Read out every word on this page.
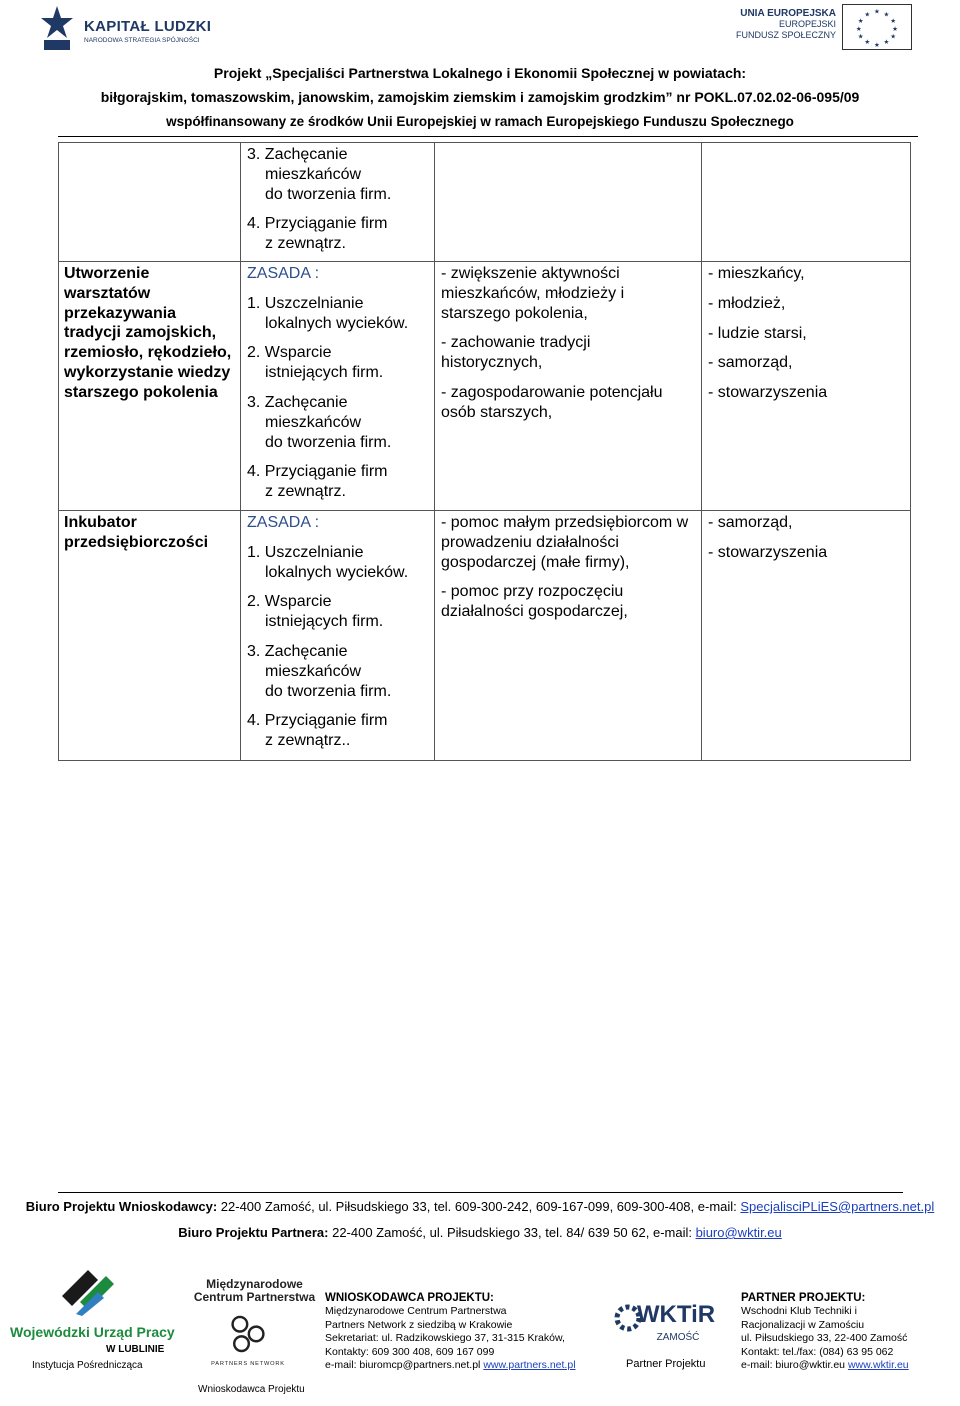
KAPITAŁ LUDZKI
NARODOWA STRATEGIA SPÓJNOŚCI
UNIA EUROPEJSKA
EUROPEJSKI
FUNDUSZ SPOŁECZNY
★ ★
★
★
★
★
★
★
★
★
★
★
Projekt „Specjaliści Partnerstwa Lokalnego i Ekonomii Społecznej w powiatach:
biłgorajskim, tomaszowskim, janowskim, zamojskim ziemskim i zamojskim grodzkim” nr POKL.07.02.02-06-095/09
współfinansowany ze środków Unii Europejskiej w ramach Europejskiego Funduszu Społecznego
3. Zachęcanie
mieszkańców
do tworzenia firm.
4. Przyciąganie firm
z zewnątrz.
Utworzenie warsztatów przekazywania tradycji zamojskich, rzemiosło, rękodzieło, wykorzystanie wiedzy starszego pokolenia
ZASADA :
1. Uszczelnianie
lokalnych wycieków.
2. Wsparcie
istniejących firm.
3. Zachęcanie
mieszkańców
do tworzenia firm.
4. Przyciąganie firm
z zewnątrz.
- zwiększenie aktywności mieszkańców, młodzieży i starszego pokolenia,
- zachowanie tradycji historycznych,
- zagospodarowanie potencjału osób starszych,
- mieszkańcy,
- młodzież,
- ludzie starsi,
- samorząd,
- stowarzyszenia
Inkubator przedsiębiorczości
ZASADA :
1. Uszczelnianie
lokalnych wycieków.
2. Wsparcie
istniejących firm.
3. Zachęcanie
mieszkańców
do tworzenia firm.
4. Przyciąganie firm
z zewnątrz..
- pomoc małym przedsiębiorcom w prowadzeniu działalności gospodarczej (małe firmy),
- pomoc przy rozpoczęciu działalności gospodarczej,
- samorząd,
- stowarzyszenia
Biuro Projektu Wnioskodawcy: 22-400 Zamość, ul. Piłsudskiego 33, tel. 609-300-242, 609-167-099, 609-300-408, e-mail: SpecjalisciPLiES@partners.net.pl
Biuro Projektu Partnera: 22-400 Zamość, ul. Piłsudskiego 33, tel. 84/ 639 50 62, e-mail: biuro@wktir.eu
Wojewódzki Urząd Pracy
W LUBLINIE
Instytucja Pośrednicząca
Międzynarodowe Centrum Partnerstwa
PARTNERS NETWORK
Wnioskodawca Projektu
WNIOSKODAWCA PROJEKTU:
Międzynarodowe Centrum Partnerstwa
Partners Network z siedzibą w Krakowie
Sekretariat: ul. Radzikowskiego 37, 31-315 Kraków,
Kontakty: 609 300 408, 609 167 099
e-mail: biuromcp@partners.net.pl www.partners.net.pl
WKTiR
ZAMOŚĆ
Partner Projektu
PARTNER PROJEKTU:
Wschodni Klub Techniki i
Racjonalizacji w Zamościu
ul. Piłsudskiego 33, 22-400 Zamość
Kontakt: tel./fax: (084) 63 95 062
e-mail: biuro@wktir.eu www.wktir.eu
